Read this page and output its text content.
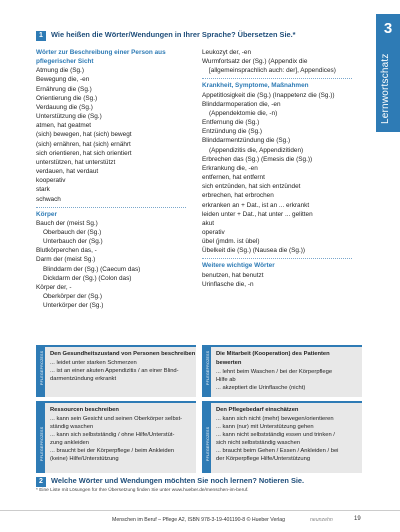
3
Lernwortschatz
1 Wie heißen die Wörter/Wendungen in Ihrer Sprache? Übersetzen Sie.*
Wörter zur Beschreibung einer Person aus
pflegerischer Sicht
Atmung die (Sg.)
Bewegung die, -en
Ernährung die (Sg.)
Orientierung die (Sg.)
Verdauung die (Sg.)
Unterstützung die (Sg.)
atmen, hat geatmet
(sich) bewegen, hat (sich) bewegt
(sich) ernähren, hat (sich) ernährt
sich orientieren, hat sich orientiert
unterstützen, hat unterstützt
verdauen, hat verdaut
kooperativ
stark
schwach
Körper
Bauch der (meist Sg.)
Oberbauch der (Sg.)
Unterbauch der (Sg.)
Blutkörperchen das, -
Darm der (meist Sg.)
Blinddarm der (Sg.) (Caecum das)
Dickdarm der (Sg.) (Colon das)
Körper der, -
Oberkörper der (Sg.)
Unterkörper der (Sg.)
Leukozyt der, -en
Wurmfortsatz der (Sg.) (Appendix die
[allgemeinsprachlich auch: der], Appendices)
Krankheit, Symptome, Maßnahmen
Appetitlosigkeit die (Sg.) (Inappetenz die (Sg.))
Blinddarmoperation die, -en
(Appendektomie die, -n)
Entfernung die (Sg.)
Entzündung die (Sg.)
Blinddarmentzündung die (Sg.)
(Appendizitis die, Appendizitiden)
Erbrechen das (Sg.) (Emesis die (Sg.))
Erkrankung die, -en
entfernen, hat entfernt
sich entzünden, hat sich entzündet
erbrechen, hat erbrochen
erkranken an + Dat., ist an ... erkrankt
leiden unter + Dat., hat unter ... gelitten
akut
operativ
übel (jmdm. ist übel)
Übelkeit die (Sg.) (Nausea die (Sg.))
Weitere wichtige Wörter
benutzen, hat benutzt
Urinflasche die, -n
PFLEGEPROZESS	Den Gesundheitszustand von Personen beschreiben
... leidet unter starken Schmerzen
... ist an einer akuten Appendizitis / an einer Blind-
darmentzündung erkrankt	PFLEGEPROZESS	Die Mitarbeit (Kooperation) des Patienten
bewerten
... lehnt beim Waschen / bei der Körperpflege
Hilfe ab
... akzeptiert die Urinflasche (nicht)
PFLEGEPROZESS
Ressourcen beschreiben
... kann sein Gesicht und seinen Oberkörper selbst-
ständig waschen
... kann sich selbstständig / ohne Hilfe/Unterstüt-
zung ankleiden
... braucht bei der Körperpflege / beim Ankleiden
(keine) Hilfe/Unterstützung	PFLEGEPROZESS
Den Pflegebedarf einschätzen
... kann sich nicht (mehr) bewegen/orientieren
... kann (nur) mit Unterstützung gehen
... kann nicht selbstständig essen und trinken /
sich nicht selbstständig waschen
... braucht beim Gehen / Essen / Ankleiden / bei
der Körperpflege Hilfe/Unterstützung
2 Welche Wörter und Wendungen möchten Sie noch lernen? Notieren Sie.
* Eine Liste mit Lösungen für Ihre Übersetzung finden Sie unter www.hueber.de/menschen-im-beruf.
Menschen im Beruf – Pflege A2, ISBN 978-3-19-401190-8 © Hueber Verlag	neunzehn	19
